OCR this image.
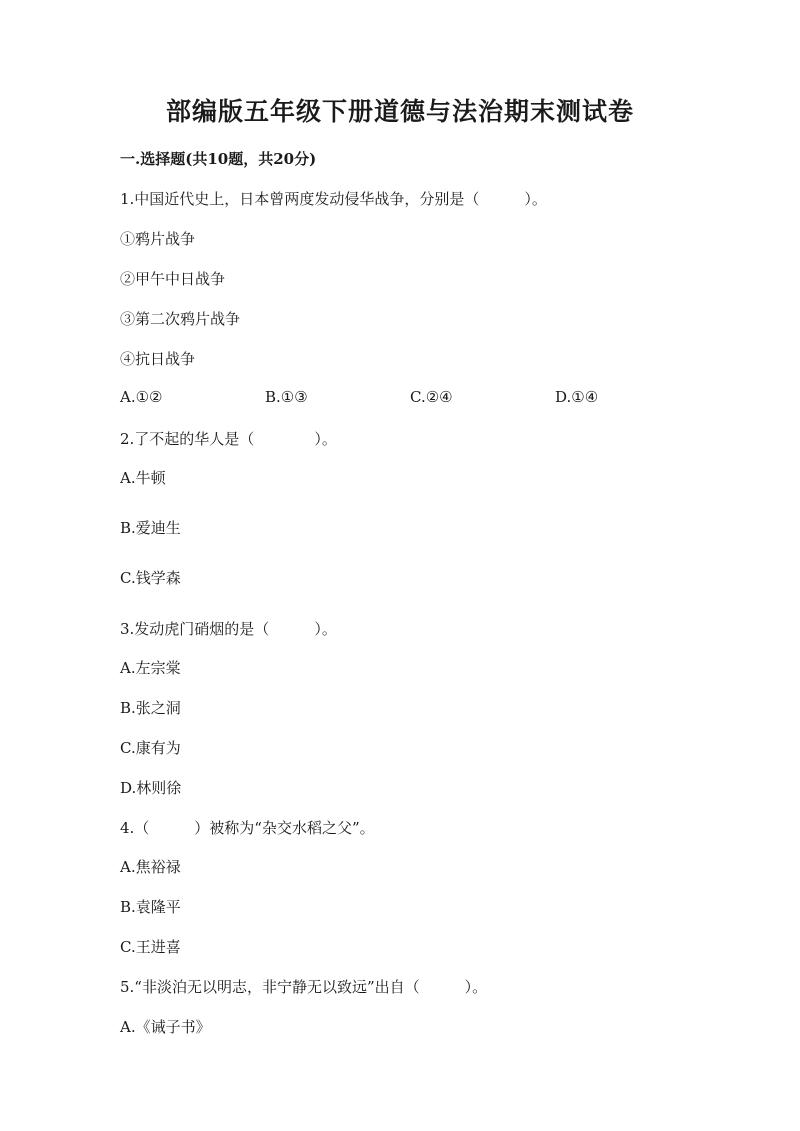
部编版五年级下册道德与法治期末测试卷
一.选择题(共10题，共20分)
1.中国近代史上，日本曾两度发动侵华战争，分别是（　　　）。
①鸦片战争
②甲午中日战争
③第二次鸦片战争
④抗日战争
A.①②	B.①③	C.②④	D.①④
2.了不起的华人是（　　　　）。
A.牛顿
B.爱迪生
C.钱学森
3.发动虎门硝烟的是（　　　）。
A.左宗棠
B.张之洞
C.康有为
D.林则徐
4.（　　　）被称为“杂交水稻之父”。
A.焦裕禄
B.袁隆平
C.王进喜
5.“非淡泊无以明志，非宁静无以致远”出自（　　　）。
A.《诫子书》
